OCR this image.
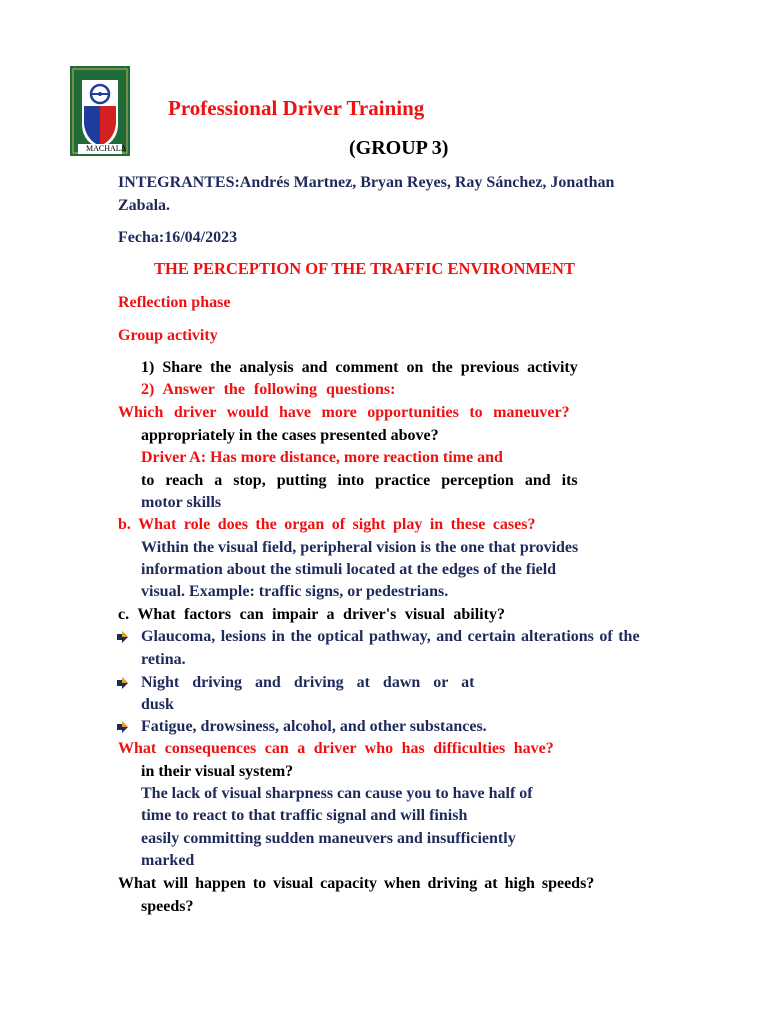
MACHALA
Professional Driver Training
(GROUP 3)
INTEGRANTES:Andrés Martnez, Bryan Reyes, Ray Sánchez, Jonathan
Zabala.
Fecha:16/04/2023
THE PERCEPTION OF THE TRAFFIC ENVIRONMENT
Reflection phase
Group activity
1) Share the analysis and comment on the previous activity
2) Answer the following questions:
Which driver would have more opportunities to maneuver?
appropriately in the cases presented above?
Driver A: Has more distance, more reaction time and
to reach a stop, putting into practice perception and its
motor skills
b. What role does the organ of sight play in these cases?
Within the visual field, peripheral vision is the one that provides
information about the stimuli located at the edges of the field
visual. Example: traffic signs, or pedestrians.
c. What factors can impair a driver's visual ability?
Glaucoma, lesions in the optical pathway, and certain alterations of the
retina.
Night driving and driving at dawn or at
dusk
Fatigue, drowsiness, alcohol, and other substances.
What consequences can a driver who has difficulties have?
in their visual system?
The lack of visual sharpness can cause you to have half of
time to react to that traffic signal and will finish
easily committing sudden maneuvers and insufficiently
marked
What will happen to visual capacity when driving at high speeds?
speeds?
